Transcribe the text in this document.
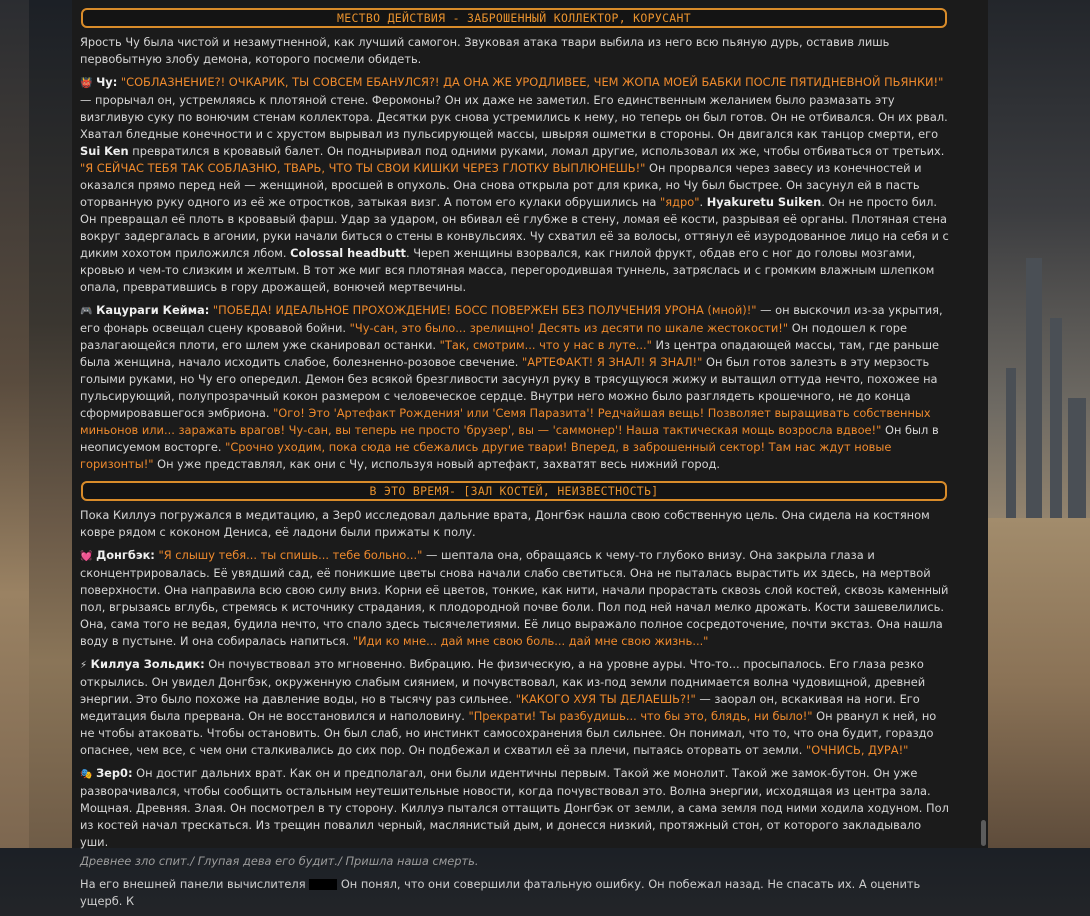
МЕСТВО ДЕЙСТВИЯ - ЗАБРОШЕННЫЙ КОЛЛЕКТОР, КОРУСАНТ

Ярость Чу была чистой и незамутненной, как лучший самогон. Звуковая атака твари выбила из него всю пьяную дурь, оставив лишь первобытную злобу демона, которого посмели обидеть.

👹 Чу: "СОБЛАЗНЕНИЕ?! ОЧКАРИК, ТЫ СОВСЕМ ЕБАНУЛСЯ?! ДА ОНА ЖЕ УРОДЛИВЕЕ, ЧЕМ ЖОПА МОЕЙ БАБКИ ПОСЛЕ ПЯТИДНЕВНОЙ ПЬЯНКИ!" — прорычал он, устремляясь к плотяной стене. Феромоны? Он их даже не заметил. Его единственным желанием было размазать эту визгливую суку по вонючим стенам коллектора. Десятки рук снова устремились к нему, но теперь он был готов. Он не отбивался. Он их рвал. Хватал бледные конечности и с хрустом вырывал из пульсирующей массы, швыряя ошметки в стороны. Он двигался как танцор смерти, его Sui Ken превратился в кровавый балет. Он подныривал под одними руками, ломал другие, использовал их же, чтобы отбиваться от третьих. "Я СЕЙЧАС ТЕБЯ ТАК СОБЛАЗНЮ, ТВАРЬ, ЧТО ТЫ СВОИ КИШКИ ЧЕРЕЗ ГЛОТКУ ВЫПЛЮНЕШЬ!" Он прорвался через завесу из конечностей и оказался прямо перед ней — женщиной, вросшей в опухоль. Она снова открыла рот для крика, но Чу был быстрее. Он засунул ей в пасть оторванную руку одного из её же отростков, затыкая визг. А потом его кулаки обрушились на "ядро". Hyakuretu Suiken. Он не просто бил. Он превращал её плоть в кровавый фарш. Удар за ударом, он вбивал её глубже в стену, ломая её кости, разрывая её органы. Плотяная стена вокруг задергалась в агонии, руки начали биться о стены в конвульсиях. Чу схватил её за волосы, оттянул её изуродованное лицо на себя и с диким хохотом приложился лбом. Colossal headbutt. Череп женщины взорвался, как гнилой фрукт, обдав его с ног до головы мозгами, кровью и чем-то слизким и желтым. В тот же миг вся плотяная масса, перегородившая туннель, затряслась и с громким влажным шлепком опала, превратившись в гору дрожащей, вонючей мертвечины.

🎮 Кацураги Кейма: "ПОБЕДА! ИДЕАЛЬНОЕ ПРОХОЖДЕНИЕ! БОСС ПОВЕРЖЕН БЕЗ ПОЛУЧЕНИЯ УРОНА (мной)!" — он выскочил из-за укрытия, его фонарь освещал сцену кровавой бойни. "Чу-сан, это было... зрелищно! Десять из десяти по шкале жестокости!" Он подошел к горе разлагающейся плоти, его шлем уже сканировал останки. "Так, смотрим... что у нас в луте..." Из центра опадающей массы, там, где раньше была женщина, начало исходить слабое, болезненно-розовое свечение. "АРТЕФАКТ! Я ЗНАЛ! Я ЗНАЛ!" Он был готов залезть в эту мерзость голыми руками, но Чу его опередил. Демон без всякой брезгливости засунул руку в трясущуюся жижу и вытащил оттуда нечто, похожее на пульсирующий, полупрозрачный кокон размером с человеческое сердце. Внутри него можно было разглядеть крошечного, не до конца сформировавшегося эмбриона. "Ого! Это 'Артефакт Рождения' или 'Семя Паразита'! Редчайшая вещь! Позволяет выращивать собственных миньонов или... заражать врагов! Чу-сан, вы теперь не просто 'брузер', вы — 'саммонер'! Наша тактическая мощь возросла вдвое!" Он был в неописуемом восторге. "Срочно уходим, пока сюда не сбежались другие твари! Вперед, в заброшенный сектор! Там нас ждут новые горизонты!" Он уже представлял, как они с Чу, используя новый артефакт, захватят весь нижний город.

В ЭТО ВРЕМЯ- [ЗАЛ КОСТЕЙ, НЕИЗВЕСТНОСТЬ]

Пока Киллуэ погружался в медитацию, а Зер0 исследовал дальние врата, Донгбэк нашла свою собственную цель. Она сидела на костяном ковре рядом с коконом Дениса, её ладони были прижаты к полу.

💓 Донгбэк: "Я слышу тебя... ты спишь... тебе больно..." — шептала она, обращаясь к чему-то глубоко внизу. Она закрыла глаза и сконцентрировалась. Её увядший сад, её поникшие цветы снова начали слабо светиться. Она не пыталась вырастить их здесь, на мертвой поверхности. Она направила всю свою силу вниз. Корни её цветов, тонкие, как нити, начали прорастать сквозь слой костей, сквозь каменный пол, вгрызаясь вглубь, стремясь к источнику страдания, к плодородной почве боли. Пол под ней начал мелко дрожать. Кости зашевелились. Она, сама того не ведая, будила нечто, что спало здесь тысячелетиями. Её лицо выражало полное сосредоточение, почти экстаз. Она нашла воду в пустыне. И она собиралась напиться. "Иди ко мне... дай мне свою боль... дай мне свою жизнь..."

⚡ Киллуа Зольдик: Он почувствовал это мгновенно. Вибрацию. Не физическую, а на уровне ауры. Что-то... просыпалось. Его глаза резко открылись. Он увидел Донгбэк, окруженную слабым сиянием, и почувствовал, как из-под земли поднимается волна чудовищной, древней энергии. Это было похоже на давление воды, но в тысячу раз сильнее. "КАКОГО ХУЯ ТЫ ДЕЛАЕШЬ?!" — заорал он, вскакивая на ноги. Его медитация была прервана. Он не восстановился и наполовину. "Прекрати! Ты разбудишь... что бы это, блядь, ни было!" Он рванул к ней, но не чтобы атаковать. Чтобы остановить. Он был слаб, но инстинкт самосохранения был сильнее. Он понимал, что то, что она будит, гораздо опаснее, чем все, с чем они сталкивались до сих пор. Он подбежал и схватил её за плечи, пытаясь оторвать от земли. "ОЧНИСЬ, ДУРА!"

🎭 Зер0: Он достиг дальних врат. Как он и предполагал, они были идентичны первым. Такой же монолит. Такой же замок-бутон. Он уже разворачивался, чтобы сообщить остальным неутешительные новости, когда почувствовал это. Волна энергии, исходящая из центра зала. Мощная. Древняя. Злая. Он посмотрел в ту сторону. Киллуэ пытался оттащить Донгбэк от земли, а сама земля под ними ходила ходуном. Пол из костей начал трескаться. Из трещин повалил черный, маслянистый дым, и донесся низкий, протяжный стон, от которого закладывало уши.

Древнее зло спит./ Глупая дева его будит./ Пришла наша смерть.

На его внешней панели вычислителя	Он понял, что они совершили фатальную ошибку. Он побежал назад. Не спасать их. А оценить ущерб. К
